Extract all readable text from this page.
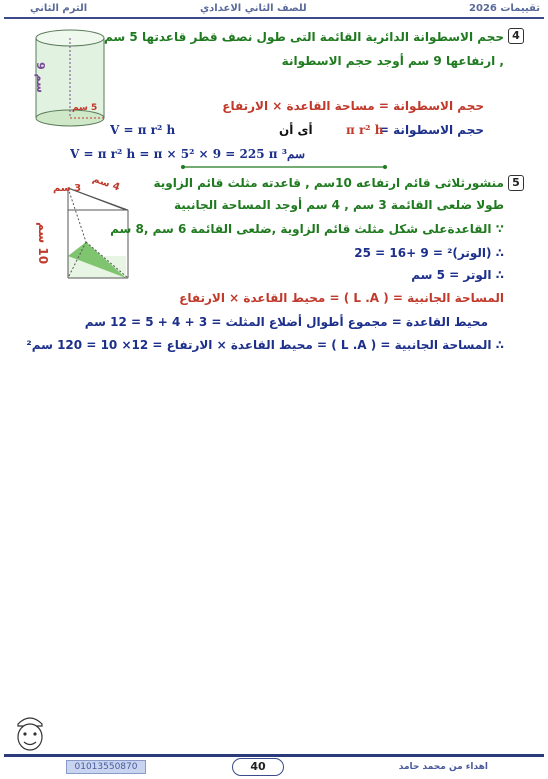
تقييمات 2026
للصف الثاني الاعدادي
الترم الثاني
9 سم
5 سم
4
حجم الاسطوانة الدائرية القائمة التى طول نصف قطر قاعدتها 5 سم
, ارتفاعها 9 سم أوجد حجم الاسطوانة
حجم الاسطوانة = مساحة القاعدة × الارتفاع
حجم الاسطوانة =
π r² h
أى أن
V = π r² h
V = π r² h = π × 5² × 9 = 225 π سم³
3 سم 4 سم
10 سم
5
منشورثلاثى قائم ارتفاعه 10سم , قاعدته مثلث قائم الزاوية
طولا ضلعى القائمة 3 سم , 4 سم أوجد المساحة الجانبية
∵ القاعدةعلى شكل مثلث قائم الزاوية ,ضلعى القائمة 6 سم ,8 سم
∴ (الوتر)² = 9 +16 = 25
∴ الوتر = 5 سم
المساحة الجانبية = ( L .A ) = محيط القاعدة × الارتفاع
محيط القاعدة = مجموع أطوال أضلاع المثلث = 3 + 4 + 5 = 12 سم
∴ المساحة الجانبية = ( L .A ) = محيط القاعدة × الارتفاع = 12× 10 = 120 سم²
01013550870	40	اهداء من محمد حامد
